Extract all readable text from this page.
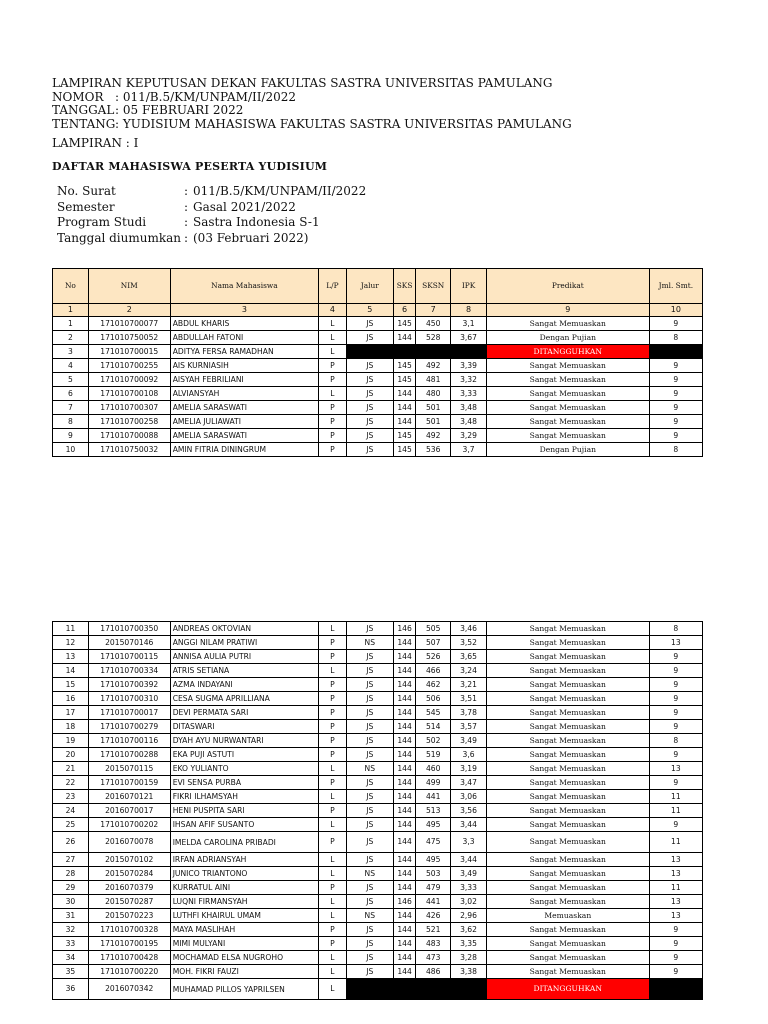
LAMPIRAN KEPUTUSAN DEKAN FAKULTAS SASTRA UNIVERSITAS PAMULANG
NOMOR : 011/B.5/KM/UNPAM/II/2022
TANGGAL : 05 FEBRUARI 2022
TENTANG : YUDISIUM MAHASISWA FAKULTAS SASTRA UNIVERSITAS PAMULANG
LAMPIRAN : I
DAFTAR MAHASISWA PESERTA YUDISIUM
No. Surat	: 011/B.5/KM/UNPAM/II/2022
Semester	: Gasal 2021/2022
Program Studi	: Sastra Indonesia S-1
Tanggal diumumkan : (03 Februari 2022)
No	NIM	Nama Mahasiswa	L/P	Jalur	SKS	SKSN	IPK	Predikat	Jml. Smt.
1	2	3	4	5	6	7	8	9	10
1	171010700077	ABDUL KHARIS	L	JS	145	450	3,1	Sangat Memuaskan	9
2	171010750052	ABDULLAH FATONI	L	JS	144	528	3,67	Dengan Pujian	8
3	171010700015	ADITYA FERSA RAMADHAN	L					DITANGGUHKAN	
4	171010700255	AIS KURNIASIH	P	JS	145	492	3,39	Sangat Memuaskan	9
5	171010700092	AISYAH FEBRILIANI	P	JS	145	481	3,32	Sangat Memuaskan	9
6	171010700108	ALVIANSYAH	L	JS	144	480	3,33	Sangat Memuaskan	9
7	171010700307	AMELIA SARASWATI	P	JS	144	501	3,48	Sangat Memuaskan	9
8	171010700258	AMELIA JULIAWATI	P	JS	144	501	3,48	Sangat Memuaskan	9
9	171010700088	AMELIA SARASWATI	P	JS	145	492	3,29	Sangat Memuaskan	9
10	171010750032	AMIN FITRIA DININGRUM	P	JS	145	536	3,7	Dengan Pujian	8
11	171010700350	ANDREAS OKTOVIAN	L	JS	146	505	3,46	Sangat Memuaskan	8
12	2015070146	ANGGI NILAM PRATIWI	P	NS	144	507	3,52	Sangat Memuaskan	13
13	171010700115	ANNISA AULIA PUTRI	P	JS	144	526	3,65	Sangat Memuaskan	9
14	171010700334	ATRIS SETIANA	L	JS	144	466	3,24	Sangat Memuaskan	9
15	171010700392	AZMA INDAYANI	P	JS	144	462	3,21	Sangat Memuaskan	9
16	171010700310	CESA SUGMA APRILLIANA	P	JS	144	506	3,51	Sangat Memuaskan	9
17	171010700017	DEVI PERMATA SARI	P	JS	144	545	3,78	Sangat Memuaskan	9
18	171010700279	DITASWARI	P	JS	144	514	3,57	Sangat Memuaskan	9
19	171010700116	DYAH AYU NURWANTARI	P	JS	144	502	3,49	Sangat Memuaskan	8
20	171010700288	EKA PUJI ASTUTI	P	JS	144	519	3,6	Sangat Memuaskan	9
21	2015070115	EKO YULIANTO	L	NS	144	460	3,19	Sangat Memuaskan	13
22	171010700159	EVI SENSA PURBA	P	JS	144	499	3,47	Sangat Memuaskan	9
23	2016070121	FIKRI ILHAMSYAH	L	JS	144	441	3,06	Sangat Memuaskan	11
24	2016070017	HENI PUSPITA SARI	P	JS	144	513	3,56	Sangat Memuaskan	11
25	171010700202	IHSAN AFIF SUSANTO	L	JS	144	495	3,44	Sangat Memuaskan	9
26	2016070078	IMELDA CAROLINA PRIBADI	P	JS	144	475	3,3	Sangat Memuaskan	11
27	2015070102	IRFAN ADRIANSYAH	L	JS	144	495	3,44	Sangat Memuaskan	13
28	2015070284	JUNICO TRIANTONO	L	NS	144	503	3,49	Sangat Memuaskan	13
29	2016070379	KURRATUL AINI	P	JS	144	479	3,33	Sangat Memuaskan	11
30	2015070287	LUQNI FIRMANSYAH	L	JS	146	441	3,02	Sangat Memuaskan	13
31	2015070223	LUTHFI KHAIRUL UMAM	L	NS	144	426	2,96	Memuaskan	13
32	171010700328	MAYA MASLIHAH	P	JS	144	521	3,62	Sangat Memuaskan	9
33	171010700195	MIMI MULYANI	P	JS	144	483	3,35	Sangat Memuaskan	9
34	171010700428	MOCHAMAD ELSA NUGROHO	L	JS	144	473	3,28	Sangat Memuaskan	9
35	171010700220	MOH. FIKRI FAUZI	L	JS	144	486	3,38	Sangat Memuaskan	9
36	2016070342	MUHAMAD PILLOS YAPRILSEN	L					DITANGGUHKAN	
